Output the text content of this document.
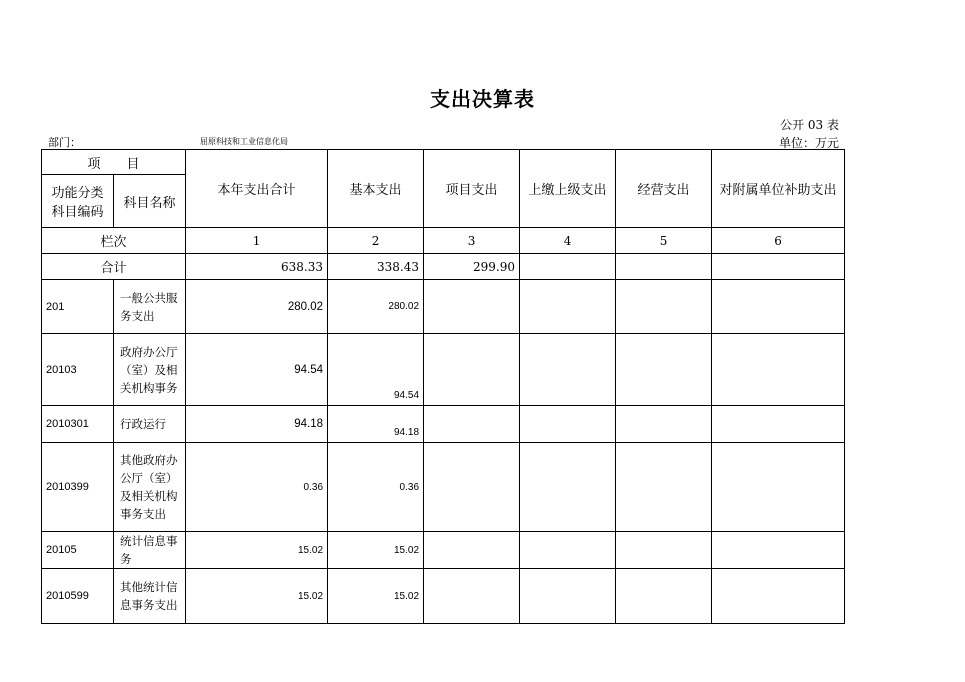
支出决算表
公开 03 表
部门：	屈原科技和工业信息化局	单位：万元
项　　目		本年支出合计	基本支出	项目支出	上缴上级支出	经营支出	对附属单位补助支出
功能分类科目编码	科目名称						
栏次		1	2	3	4	5	6
合计		638.33	338.43	299.90			
201	一般公共服务支出	280.02	280.02				
20103	政府办公厅（室）及相关机构事务	94.54	94.54				
2010301	行政运行	94.18	94.18				
2010399	其他政府办公厅（室）及相关机构事务支出	0.36	0.36				
20105	统计信息事务	15.02	15.02				
2010599	其他统计信息事务支出	15.02	15.02				
